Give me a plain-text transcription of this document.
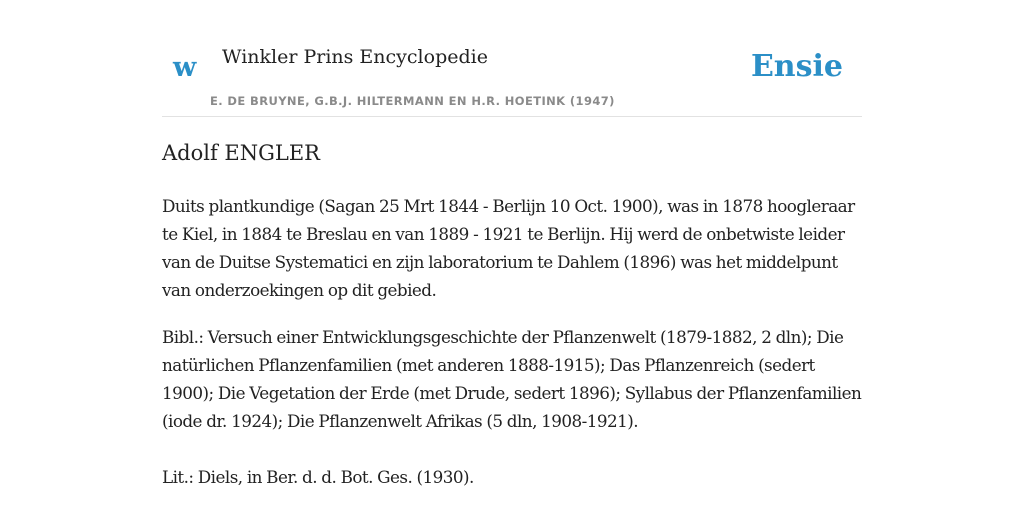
w Winkler Prins Encyclopedie
E. DE BRUYNE, G.B.J. HILTERMANN EN H.R. HOETINK (1947)
Ensie
Adolf ENGLER

Duits plantkundige (Sagan 25 Mrt 1844 - Berlijn 10 Oct. 1900), was in 1878 hoogleraar te Kiel, in 1884 te Breslau en van 1889 - 1921 te Berlijn. Hij werd de onbetwiste leider van de Duitse Systematici en zijn laboratorium te Dahlem (1896) was het middelpunt van onderzoekingen op dit gebied.

Bibl.: Versuch einer Entwicklungsgeschichte der Pflanzenwelt (1879-1882, 2 dln); Die natürlichen Pflanzenfamilien (met anderen 1888-1915); Das Pflanzenreich (sedert 1900); Die Vegetation der Erde (met Drude, sedert 1896); Syllabus der Pflanzenfamilien (iode dr. 1924); Die Pflanzenwelt Afrikas (5 dln, 1908-1921).

Lit.: Diels, in Ber. d. d. Bot. Ges. (1930).
